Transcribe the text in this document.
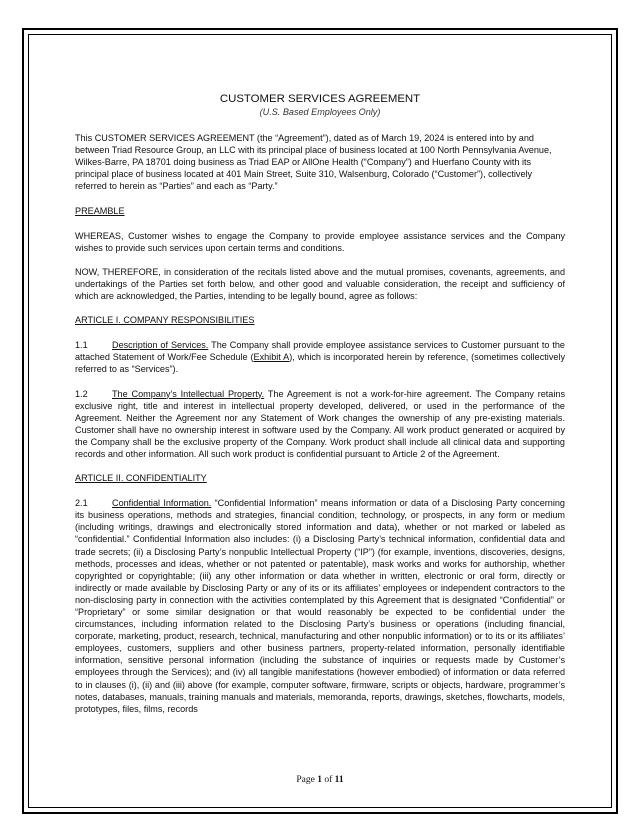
CUSTOMER SERVICES AGREEMENT

(U.S. Based Employees Only)

This CUSTOMER SERVICES AGREEMENT (the “Agreement”), dated as of March 19, 2024 is entered into by and between Triad Resource Group, an LLC with its principal place of business located at 100 North Pennsylvania Avenue, Wilkes-Barre, PA 18701 doing business as Triad EAP or AllOne Health (“Company”) and Huerfano County with its principal place of business located at 401 Main Street, Suite 310, Walsenburg, Colorado (“Customer”), collectively referred to herein as “Parties” and each as “Party.”

PREAMBLE

WHEREAS, Customer wishes to engage the Company to provide employee assistance services and the Company wishes to provide such services upon certain terms and conditions.

NOW, THEREFORE, in consideration of the recitals listed above and the mutual promises, covenants, agreements, and undertakings of the Parties set forth below, and other good and valuable consideration, the receipt and sufficiency of which are acknowledged, the Parties, intending to be legally bound, agree as follows:

ARTICLE I. COMPANY RESPONSIBILITIES

1.1	Description of Services. The Company shall provide employee assistance services to Customer pursuant to the attached Statement of Work/Fee Schedule (Exhibit A), which is incorporated herein by reference, (sometimes collectively referred to as “Services”).

1.2	The Company’s Intellectual Property. The Agreement is not a work-for-hire agreement. The Company retains exclusive right, title and interest in intellectual property developed, delivered, or used in the performance of the Agreement. Neither the Agreement nor any Statement of Work changes the ownership of any pre-existing materials. Customer shall have no ownership interest in software used by the Company. All work product generated or acquired by the Company shall be the exclusive property of the Company. Work product shall include all clinical data and supporting records and other information. All such work product is confidential pursuant to Article 2 of the Agreement.

ARTICLE II. CONFIDENTIALITY

2.1	Confidential Information. “Confidential Information” means information or data of a Disclosing Party concerning its business operations, methods and strategies, financial condition, technology, or prospects, in any form or medium (including writings, drawings and electronically stored information and data), whether or not marked or labeled as “confidential.” Confidential Information also includes: (i) a Disclosing Party’s technical information, confidential data and trade secrets; (ii) a Disclosing Party’s nonpublic Intellectual Property (“IP”) (for example, inventions, discoveries, designs, methods, processes and ideas, whether or not patented or patentable), mask works and works for authorship, whether copyrighted or copyrightable; (iii) any other information or data whether in written, electronic or oral form, directly or indirectly or made available by Disclosing Party or any of its or its affiliates’ employees or independent contractors to the non-disclosing party in connection with the activities contemplated by this Agreement that is designated “Confidential” or “Proprietary” or some similar designation or that would reasonably be expected to be confidential under the circumstances, including information related to the Disclosing Party’s business or operations (including financial, corporate, marketing, product, research, technical, manufacturing and other nonpublic information) or to its or its affiliates’ employees, customers, suppliers and other business partners, property-related information, personally identifiable information, sensitive personal information (including the substance of inquiries or requests made by Customer’s employees through the Services); and (iv) all tangible manifestations (however embodied) of information or data referred to in clauses (i), (ii) and (iii) above (for example, computer software, firmware, scripts or objects, hardware, programmer’s notes, databases, manuals, training manuals and materials, memoranda, reports, drawings, sketches, flowcharts, models, prototypes, files, films, records

Page 1 of 11
